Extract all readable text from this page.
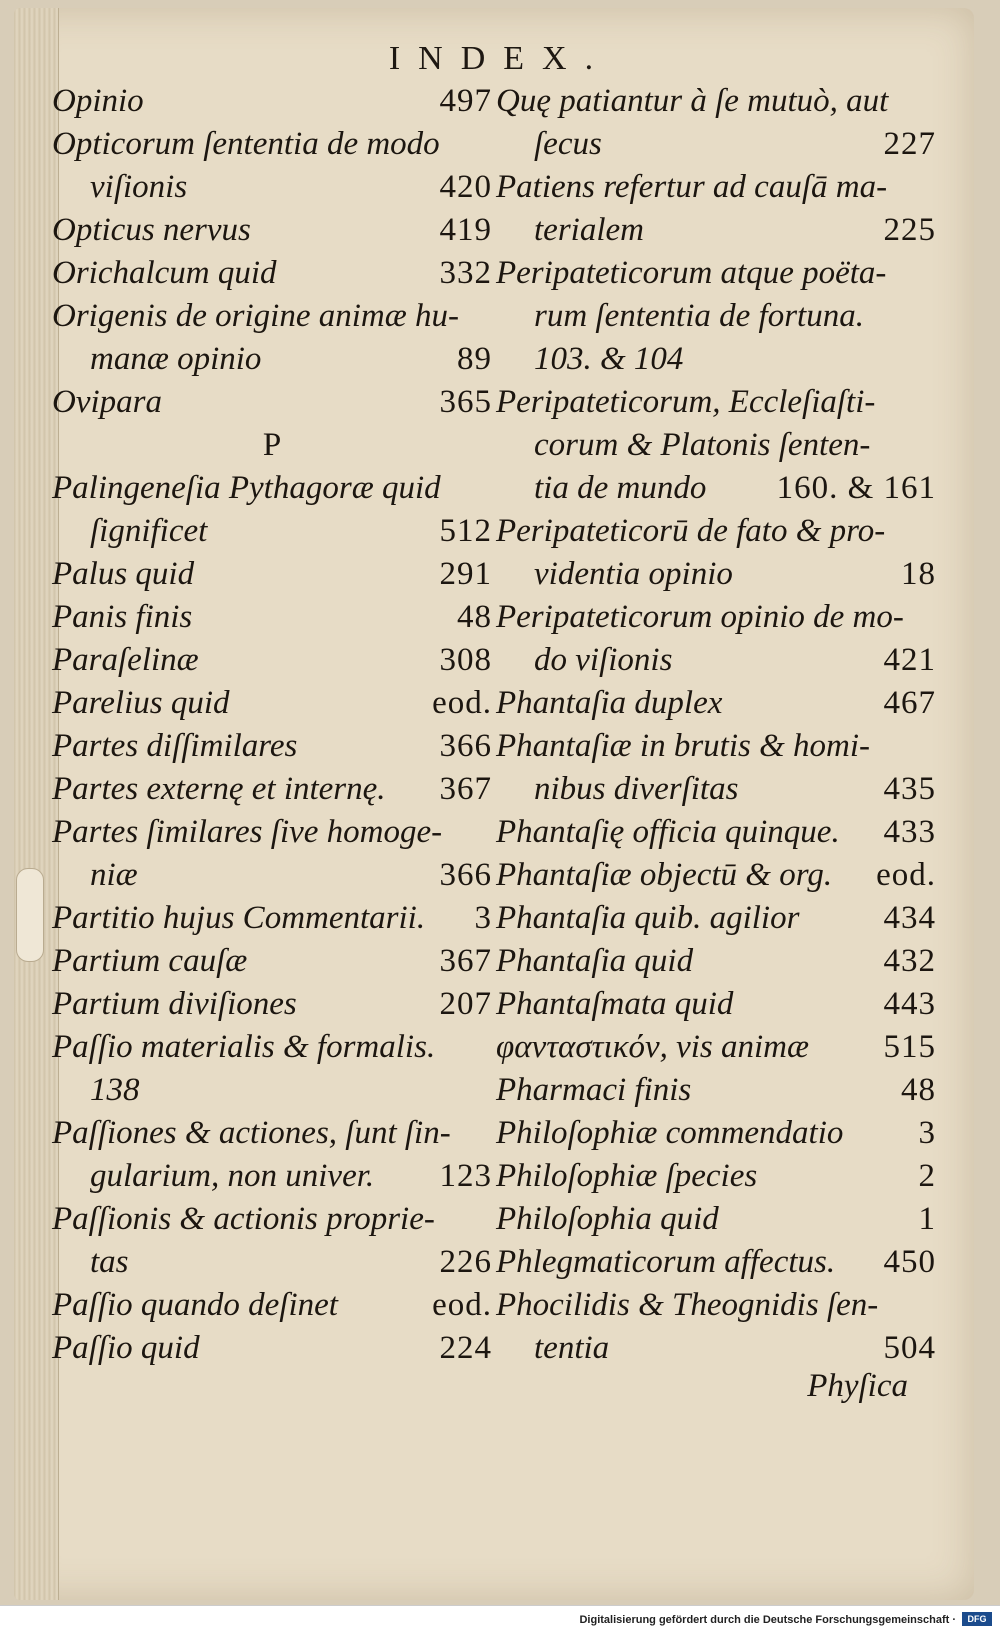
INDEX.
Opinio	497
Opticorum ſententia de modo
viſionis	420
Opticus nervus	419
Orichalcum quid	332
Origenis de origine animæ hu-
manæ opinio	89
Ovipara	365
P
Palingeneſia Pythagoræ quid
ſignificet	512
Palus quid	291
Panis finis	48
Paraſelinæ	308
Parelius quid	eod.
Partes diſſimilares	366
Partes externę et internę. 367
Partes ſimilares ſive homoge-
niæ	366
Partitio hujus Commentarii. 3
Partium cauſæ	367
Partium diviſiones	207
Paſſio materialis & formalis.
138
Paſſiones & actiones, ſunt ſin-
gularium, non univer. 123
Paſſionis & actionis proprie-
tas	226
Paſſio quando deſinet	eod.
Paſſio quid	224
Quę patiantur à ſe mutuò, aut
ſecus	227
Patiens refertur ad cauſā ma-
terialem	225
Peripateticorum atque poëta-
rum ſententia de fortuna.
103. & 104
Peripateticorum, Eccleſiaſti-
corum & Platonis ſenten-
tia de mundo 160. & 161
Peripateticorū de fato & pro-
videntia opinio	18
Peripateticorum opinio de mo-
do viſionis	421
Phantaſia duplex	467
Phantaſiæ in brutis & homi-
nibus diverſitas	435
Phantaſię officia quinque. 433
Phantaſiæ objectū & org. eod.
Phantaſia quib. agilior	434
Phantaſia quid	432
Phantaſmata quid	443
φανταστικόν, vis animæ 515
Pharmaci finis	48
Philoſophiæ commendatio 3
Philoſophiæ ſpecies	2
Philoſophia quid	1
Phlegmaticorum affectus. 450
Phocilidis & Theognidis ſen-
tentia	504
Phyſica
Digitalisierung gefördert durch die Deutsche Forschungsgemeinschaft ·	DFG
